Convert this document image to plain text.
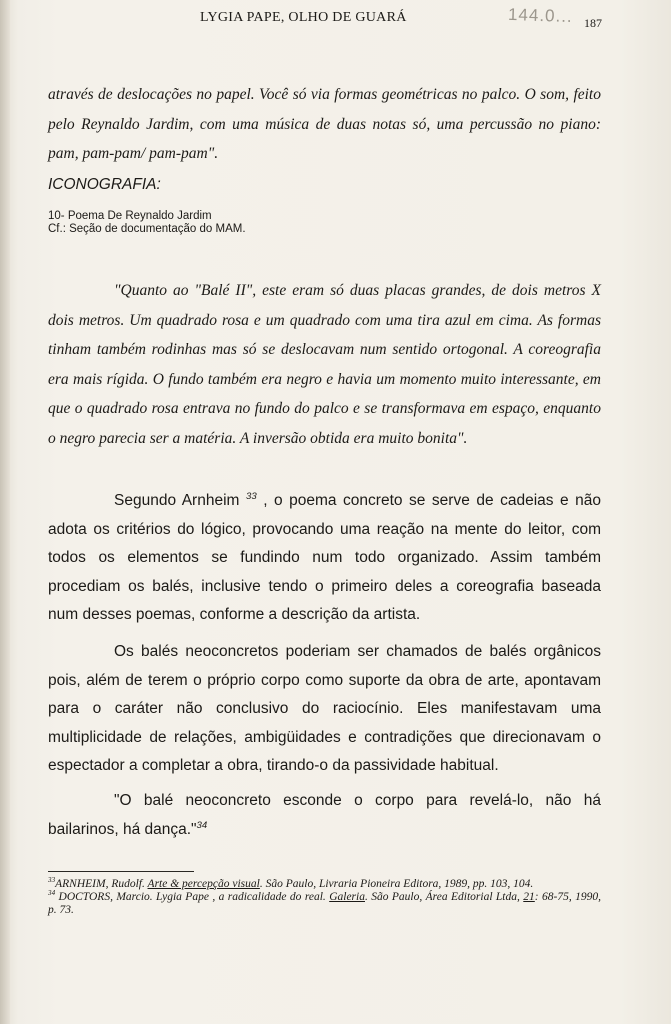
LYGIA PAPE, OLHO DE GUARÁ	144.0... 187

através de deslocações no papel. Você só via formas geométricas no palco. O som, feito pelo Reynaldo Jardim, com uma música de duas notas só, uma percussão no piano: pam, pam-pam/ pam-pam".

ICONOGRAFIA:

10- Poema De Reynaldo Jardim
Cf.: Seção de documentação do MAM.

"Quanto ao "Balé II", este eram só duas placas grandes, de dois metros X dois metros. Um quadrado rosa e um quadrado com uma tira azul em cima. As formas tinham também rodinhas mas só se deslocavam num sentido ortogonal. A coreografia era mais rígida. O fundo também era negro e havia um momento muito interessante, em que o quadrado rosa entrava no fundo do palco e se transformava em espaço, enquanto o negro parecia ser a matéria. A inversão obtida era muito bonita".

Segundo Arnheim $^{33}$ , o poema concreto se serve de cadeias e não adota os critérios do lógico, provocando uma reação na mente do leitor, com todos os elementos se fundindo num todo organizado. Assim também procediam os balés, inclusive tendo o primeiro deles a coreografia baseada num desses poemas, conforme a descrição da artista.

Os balés neoconcretos poderiam ser chamados de balés orgânicos pois, além de terem o próprio corpo como suporte da obra de arte, apontavam para o caráter não conclusivo do raciocínio. Eles manifestavam uma multiplicidade de relações, ambigüidades e contradições que direcionavam o espectador a completar a obra, tirando-o da passividade habitual.

"O balé neoconcreto esconde o corpo para revelá-lo, não há bailarinos, há dança."$^{34}$

$^{33}$ARNHEIM, Rudolf. Arte & percepção visual. São Paulo, Livraria Pioneira Editora, 1989, pp. 103, 104.

$^{34}$ DOCTORS, Marcio. Lygia Pape , a radicalidade do real. Galeria. São Paulo, Área Editorial Ltda, 21: 68-75, 1990, p. 73.
